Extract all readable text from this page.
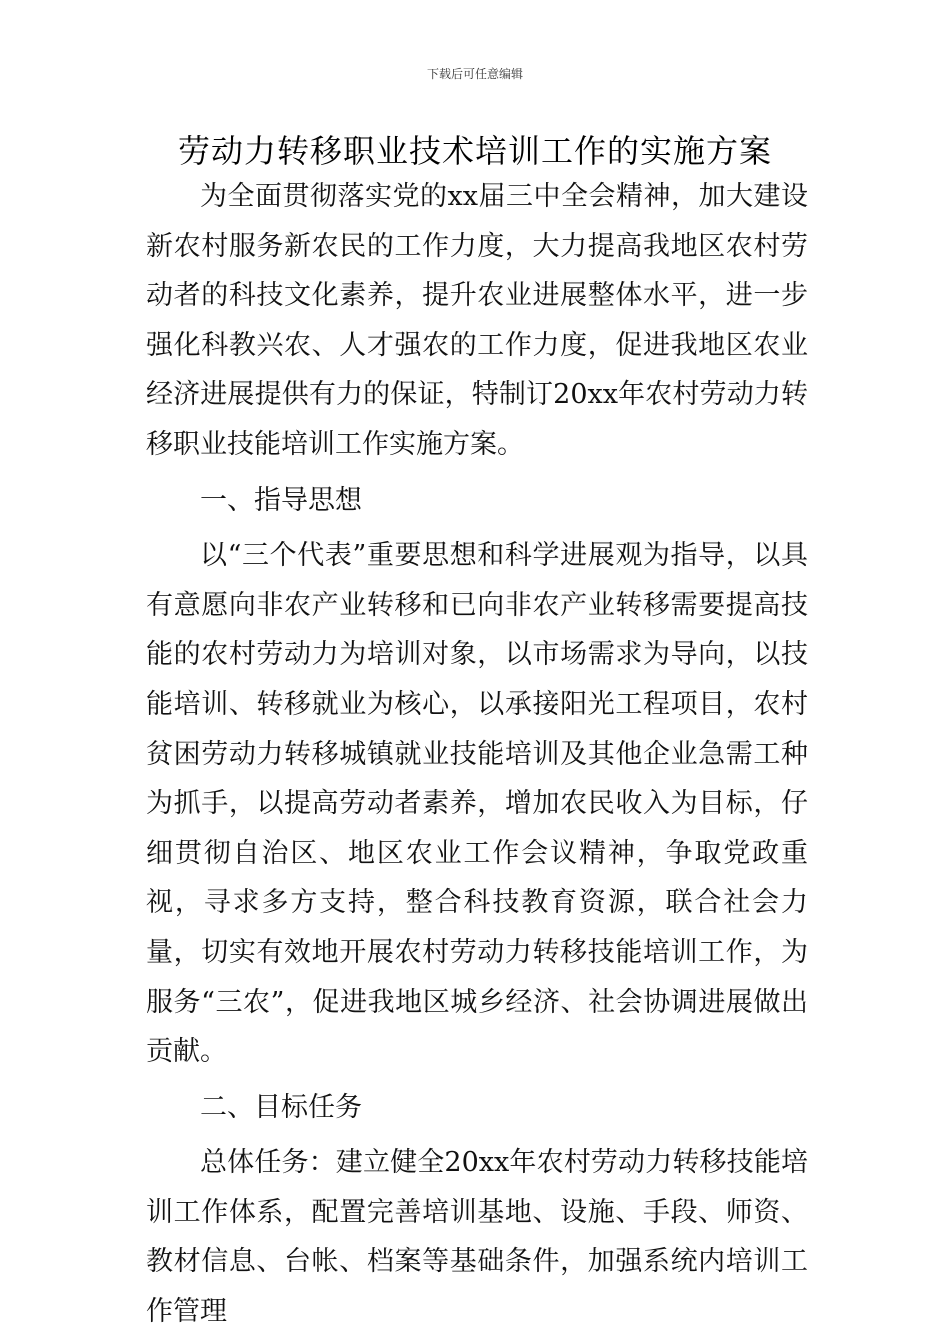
下载后可任意编辑
劳动力转移职业技术培训工作的实施方案

为全面贯彻落实党的xx届三中全会精神，加大建设新农村服务新农民的工作力度，大力提高我地区农村劳动者的科技文化素养，提升农业进展整体水平，进一步强化科教兴农、人才强农的工作力度，促进我地区农业经济进展提供有力的保证，特制订20xx年农村劳动力转移职业技能培训工作实施方案。

一、指导思想

以“三个代表”重要思想和科学进展观为指导，以具有意愿向非农产业转移和已向非农产业转移需要提高技能的农村劳动力为培训对象，以市场需求为导向，以技能培训、转移就业为核心，以承接阳光工程项目，农村贫困劳动力转移城镇就业技能培训及其他企业急需工种为抓手，以提高劳动者素养，增加农民收入为目标，仔细贯彻自治区、地区农业工作会议精神，争取党政重视，寻求多方支持，整合科技教育资源，联合社会力量，切实有效地开展农村劳动力转移技能培训工作，为服务“三农”，促进我地区城乡经济、社会协调进展做出贡献。

二、目标任务

总体任务：建立健全20xx年农村劳动力转移技能培训工作体系，配置完善培训基地、设施、手段、师资、教材信息、台帐、档案等基础条件，加强系统内培训工作管理
